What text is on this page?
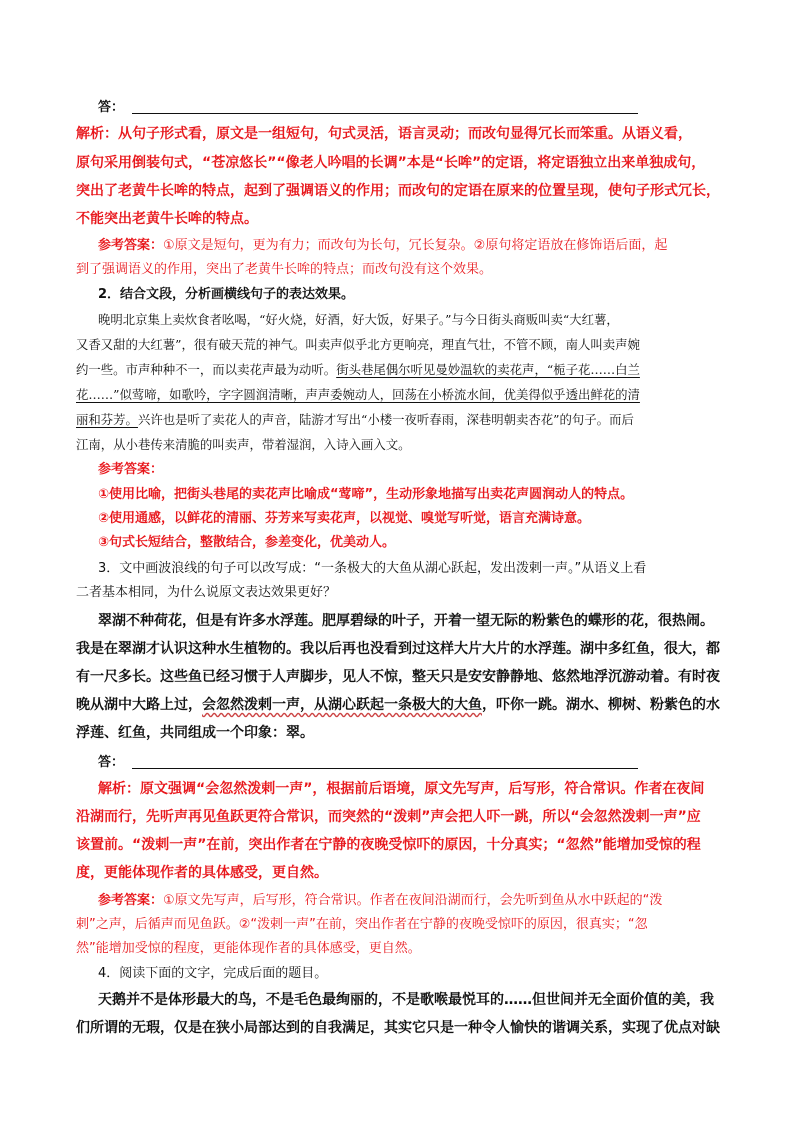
答：
解析：从句子形式看，原文是一组短句，句式灵活，语言灵动；而改句显得冗长而笨重。从语义看，
原句采用倒装句式，“苍凉悠长”“像老人吟唱的长调”本是“长哞”的定语，将定语独立出来单独成句，
突出了老黄牛长哞的特点，起到了强调语义的作用；而改句的定语在原来的位置呈现，使句子形式冗长，
不能突出老黄牛长哞的特点。
参考答案：①原文是短句，更为有力；而改句为长句，冗长复杂。②原句将定语放在修饰语后面，起
到了强调语义的作用，突出了老黄牛长哞的特点；而改句没有这个效果。
2．结合文段，分析画横线句子的表达效果。
晚明北京集上卖炊食者吆喝，“好火烧，好酒，好大饭，好果子。”与今日街头商贩叫卖“大红薯，
又香又甜的大红薯”，很有破天荒的神气。叫卖声似乎北方更响亮，理直气壮，不管不顾，南人叫卖声婉
约一些。市声种种不一，而以卖花声最为动听。街头巷尾偶尔听见曼妙温软的卖花声，“栀子花……白兰
花……”似莺啼，如歌吟，字字圆润清晰，声声委婉动人，回荡在小桥流水间，优美得似乎透出鲜花的清
丽和芬芳。兴许也是听了卖花人的声音，陆游才写出“小楼一夜听春雨，深巷明朝卖杏花”的句子。而后
江南，从小巷传来清脆的叫卖声，带着湿润，入诗入画入文。
参考答案：
①使用比喻，把街头巷尾的卖花声比喻成“莺啼”，生动形象地描写出卖花声圆润动人的特点。
②使用通感，以鲜花的清丽、芬芳来写卖花声，以视觉、嗅觉写听觉，语言充满诗意。
③句式长短结合，整散结合，参差变化，优美动人。
3．文中画波浪线的句子可以改写成：“一条极大的大鱼从湖心跃起，发出泼剌一声。”从语义上看
二者基本相同，为什么说原文表达效果更好？
翠湖不种荷花，但是有许多水浮莲。肥厚碧绿的叶子，开着一望无际的粉紫色的蝶形的花，很热闹。
我是在翠湖才认识这种水生植物的。我以后再也没看到过这样大片大片的水浮莲。湖中多红鱼，很大，都
有一尺多长。这些鱼已经习惯于人声脚步，见人不惊，整天只是安安静静地、悠然地浮沉游动着。有时夜
晚从湖中大路上过，会忽然泼剌一声，从湖心跃起一条极大的大鱼，吓你一跳。湖水、柳树、粉紫色的水
浮莲、红鱼，共同组成一个印象：翠。
答：
解析：原文强调“会忽然泼剌一声”，根据前后语境，原文先写声，后写形，符合常识。作者在夜间
沿湖而行，先听声再见鱼跃更符合常识，而突然的“泼剌”声会把人吓一跳，所以“会忽然泼剌一声”应
该置前。“泼剌一声”在前，突出作者在宁静的夜晚受惊吓的原因，十分真实；“忽然”能增加受惊的程
度，更能体现作者的具体感受，更自然。
参考答案：①原文先写声，后写形，符合常识。作者在夜间沿湖而行，会先听到鱼从水中跃起的“泼
剌”之声，后循声而见鱼跃。②“泼剌一声”在前，突出作者在宁静的夜晚受惊吓的原因，很真实；“忽
然”能增加受惊的程度，更能体现作者的具体感受，更自然。
4．阅读下面的文字，完成后面的题目。
天鹅并不是体形最大的鸟，不是毛色最绚丽的，不是歌喉最悦耳的……但世间并无全面价值的美，我
们所谓的无瑕，仅是在狭小局部达到的自我满足，其实它只是一种令人愉快的谐调关系，实现了优点对缺
